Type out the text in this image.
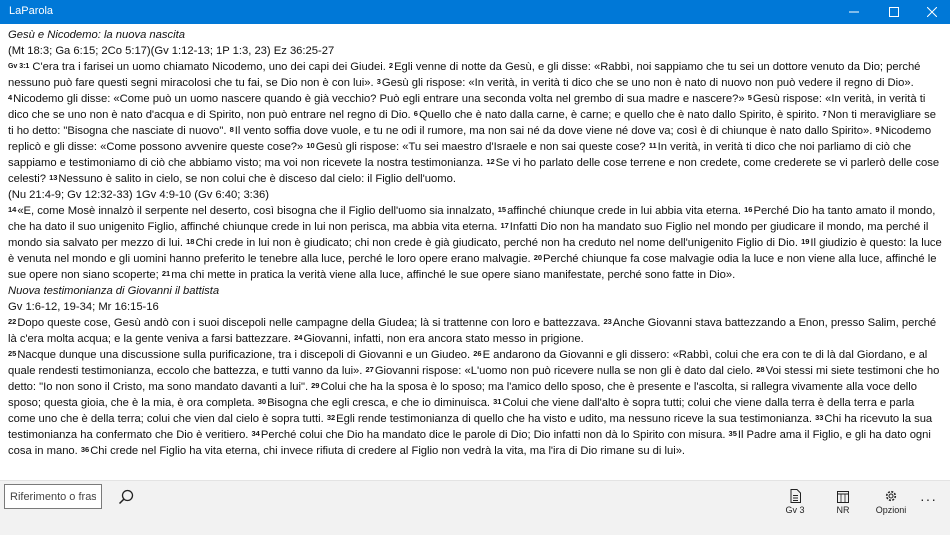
LaParola

Gesù e Nicodemo: la nuova nascita

(Mt 18:3; Ga 6:15; 2Co 5:17)(Gv 1:12-13; 1P 1:3, 23) Ez 36:25-27

$^{Gv 3:1}$ C'era tra i farisei un uomo chiamato Nicodemo, uno dei capi dei Giudei. $^2$Egli venne di notte da Gesù, e gli disse: «Rabbì, noi sappiamo che tu sei un dottore venuto da Dio; perché nessuno può fare questi segni miracolosi che tu fai, se Dio non è con lui». $^3$Gesù gli rispose: «In verità, in verità ti dico che se uno non è nato di nuovo non può vedere il regno di Dio». $^4$Nicodemo gli disse: «Come può un uomo nascere quando è già vecchio? Può egli entrare una seconda volta nel grembo di sua madre e nascere?» $^5$Gesù rispose: «In verità, in verità ti dico che se uno non è nato d'acqua e di Spirito, non può entrare nel regno di Dio. $^6$Quello che è nato dalla carne, è carne; e quello che è nato dallo Spirito, è spirito. $^7$Non ti meravigliare se ti ho detto: "Bisogna che nasciate di nuovo". $^8$Il vento soffia dove vuole, e tu ne odi il rumore, ma non sai né da dove viene né dove va; così è di chiunque è nato dallo Spirito». $^9$Nicodemo replicò e gli disse: «Come possono avvenire queste cose?» $^{10}$Gesù gli rispose: «Tu sei maestro d'Israele e non sai queste cose? $^{11}$In verità, in verità ti dico che noi parliamo di ciò che sappiamo e testimoniamo di ciò che abbiamo visto; ma voi non ricevete la nostra testimonianza. $^{12}$Se vi ho parlato delle cose terrene e non credete, come crederete se vi parlerò delle cose celesti? $^{13}$Nessuno è salito in cielo, se non colui che è disceso dal cielo: il Figlio dell'uomo.

(Nu 21:4-9; Gv 12:32-33) 1Gv 4:9-10 (Gv 6:40; 3:36)

$^{14}$«E, come Mosè innalzò il serpente nel deserto, così bisogna che il Figlio dell'uomo sia innalzato, $^{15}$affinché chiunque crede in lui abbia vita eterna. $^{16}$Perché Dio ha tanto amato il mondo, che ha dato il suo unigenito Figlio, affinché chiunque crede in lui non perisca, ma abbia vita eterna. $^{17}$Infatti Dio non ha mandato suo Figlio nel mondo per giudicare il mondo, ma perché il mondo sia salvato per mezzo di lui. $^{18}$Chi crede in lui non è giudicato; chi non crede è già giudicato, perché non ha creduto nel nome dell'unigenito Figlio di Dio. $^{19}$Il giudizio è questo: la luce è venuta nel mondo e gli uomini hanno preferito le tenebre alla luce, perché le loro opere erano malvagie. $^{20}$Perché chiunque fa cose malvagie odia la luce e non viene alla luce, affinché le sue opere non siano scoperte; $^{21}$ma chi mette in pratica la verità viene alla luce, affinché le sue opere siano manifestate, perché sono fatte in Dio».

Nuova testimonianza di Giovanni il battista

Gv 1:6-12, 19-34; Mr 16:15-16

$^{22}$Dopo queste cose, Gesù andò con i suoi discepoli nelle campagne della Giudea; là si trattenne con loro e battezzava. $^{23}$Anche Giovanni stava battezzando a Enon, presso Salim, perché là c'era molta acqua; e la gente veniva a farsi battezzare. $^{24}$Giovanni, infatti, non era ancora stato messo in prigione.

$^{25}$Nacque dunque una discussione sulla purificazione, tra i discepoli di Giovanni e un Giudeo. $^{26}$E andarono da Giovanni e gli dissero: «Rabbì, colui che era con te di là dal Giordano, e al quale rendesti testimonianza, eccolo che battezza, e tutti vanno da lui». $^{27}$Giovanni rispose: «L'uomo non può ricevere nulla se non gli è dato dal cielo. $^{28}$Voi stessi mi siete testimoni che ho detto: "Io non sono il Cristo, ma sono mandato davanti a lui". $^{29}$Colui che ha la sposa è lo sposo; ma l'amico dello sposo, che è presente e l'ascolta, si rallegra vivamente alla voce dello sposo; questa gioia, che è la mia, è ora completa. $^{30}$Bisogna che egli cresca, e che io diminuisca. $^{31}$Colui che viene dall'alto è sopra tutti; colui che viene dalla terra è della terra e parla come uno che è della terra; colui che vien dal cielo è sopra tutti. $^{32}$Egli rende testimonianza di quello che ha visto e udito, ma nessuno riceve la sua testimonianza. $^{33}$Chi ha ricevuto la sua testimonianza ha confermato che Dio è veritiero. $^{34}$Perché colui che Dio ha mandato dice le parole di Dio; Dio infatti non dà lo Spirito con misura. $^{35}$Il Padre ama il Figlio, e gli ha dato ogni cosa in mano. $^{36}$Chi crede nel Figlio ha vita eterna, chi invece rifiuta di credere al Figlio non vedrà la vita, ma l'ira di Dio rimane su di lui».

Riferimento o frase
Gv 3	NR	Opzioni
···
